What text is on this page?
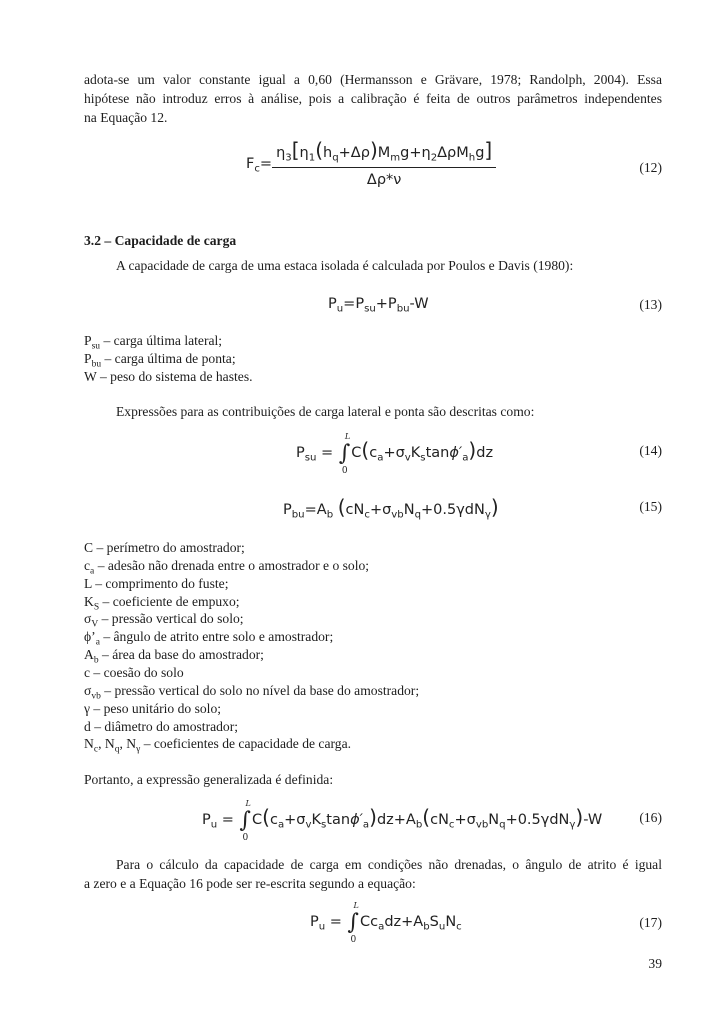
adota-se um valor constante igual a 0,60 (Hermansson e Grävare, 1978; Randolph, 2004). Essa
hipótese não introduz erros à análise, pois a calibração é feita de outros parâmetros independentes
na Equação 12.
$F_c= \frac{\eta_3[\eta_1(h_q+\Delta\rho)M_mg+\eta_2\Delta\rho M_hg]}{\Delta\rho*\nu}$	(12)
3.2 – Capacidade de carga
A capacidade de carga de uma estaca isolada é calculada por Poulos e Davis (1980):
$P_u=P_{su}+P_{bu}-W$	(13)
$P_{su}$ – carga última lateral;
$P_{bu}$ – carga última de ponta;
W – peso do sistema de hastes.
Expressões para as contribuições de carga lateral e ponta são descritas como:
$P_{su}$ = ∫
L
0
$C(c_a+\sigma_vK_s\tan\phi'_a)dz$	(14)
$P_{bu}=A_b$ $(cN_c+\sigma_{vb}N_q+0.5\gamma dN_\gamma)$	(15)
C – perímetro do amostrador;
$c_a$ – adesão não drenada entre o amostrador e o solo;
L – comprimento do fuste;
$K_S$ – coeficiente de empuxo;
$\sigma_V$ – pressão vertical do solo;
$\phi’_a$ – ângulo de atrito entre solo e amostrador;
$A_b$ – área da base do amostrador;
c – coesão do solo
$\sigma_{vb}$ – pressão vertical do solo no nível da base do amostrador;
γ – peso unitário do solo;
d – diâmetro do amostrador;
$N_c$, $N_q$, $N_\gamma$ – coeficientes de capacidade de carga.
Portanto, a expressão generalizada é definida:
$P_u$ = ∫
L
0
$C(c_a+\sigma_vK_s\tan\phi'_a)dz+A_b(cN_c+\sigma_{vb}N_q+0.5\gamma dN_\gamma)-W$	(16)
Para o cálculo da capacidade de carga em condições não drenadas, o ângulo de atrito é igual
a zero e a Equação 16 pode ser re-escrita segundo a equação:
$P_u$ = ∫
L
0
$Cc_adz+A_bS_uN_c$	(17)
39
